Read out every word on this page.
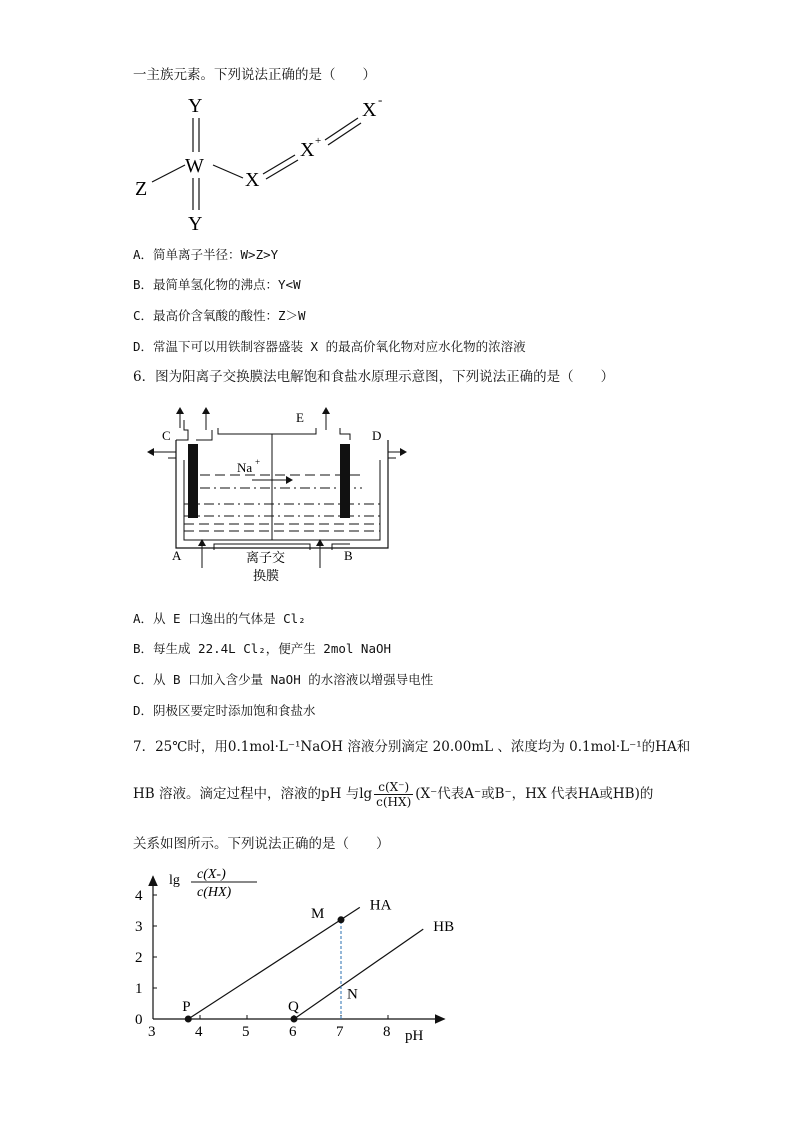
一主族元素。下列说法正确的是（　　）
Y
W
Y
Z	X
X +
X -
A．简单离子半径：W>Z>Y
B．最简单氢化物的沸点：Y<W
C．最高价含氧酸的酸性：Z＞W
D．常温下可以用铁制容器盛装 X 的最高价氧化物对应水化物的浓溶液
6．图为阳离子交换膜法电解饱和食盐水原理示意图，下列说法正确的是（　　）
C	D
E
Na +
A	B
离子交
换膜
A．从 E 口逸出的气体是 Cl₂
B．每生成 22.4L Cl₂，便产生 2mol NaOH
C．从 B 口加入含少量 NaOH 的水溶液以增强导电性
D．阴极区要定时添加饱和食盐水
7．25℃时，用0.1mol·L⁻¹NaOH 溶液分别滴定 20.00mL 、浓度均为 0.1mol·L⁻¹的HA和
HB 溶液。滴定过程中，溶液的pH 与$\lg \frac{c(X^-)}{c(HX)} (X^-$代表A⁻或B⁻，HX 代表HA或HB)的
关系如图所示。下列说法正确的是（　　）
lg c(X-)
c(HX)
pH
3	4	5	6	7	8
0
1
2
3
4
HA
HB
P	Q
M
N
